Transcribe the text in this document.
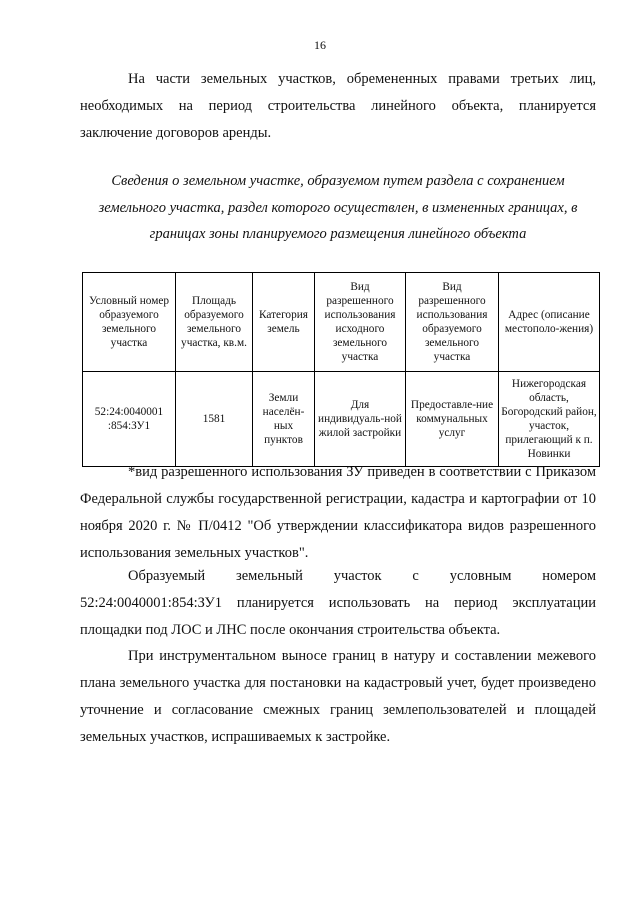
16

На части земельных участков, обремененных правами третьих лиц, необходимых на период строительства линейного объекта, планируется заключение договоров аренды.

Сведения о земельном участке, образуемом путем раздела с сохранением земельного участка, раздел которого осуществлен, в измененных границах, в границах зоны планируемого размещения линейного объекта

Условный номер образуемого земельного участка	Площадь образуемого земельного участка, кв.м.	Категория земель	Вид разрешенного использования исходного земельного участка	Вид разрешенного использования образуемого земельного участка	Адрес (описание местополо-жения)
52:24:0040001 :854:ЗУ1	1581	Земли населён-ных пунктов	Для индивидуаль-ной жилой застройки	Предоставле-ние коммунальных услуг	Нижегородская область, Богородский район, участок, прилегающий к п. Новинки

*вид разрешенного использования ЗУ приведен в соответствии с Приказом Федеральной службы государственной регистрации, кадастра и картографии от 10 ноября 2020 г. № П/0412 "Об утверждении классификатора видов разрешенного использования земельных участков".

Образуемый земельный участок с условным номером 52:24:0040001:854:ЗУ1 планируется использовать на период эксплуатации площадки под ЛОС и ЛНС после окончания строительства объекта.

При инструментальном выносе границ в натуру и составлении межевого плана земельного участка для постановки на кадастровый учет, будет произведено уточнение и согласование смежных границ землепользователей и площадей земельных участков, испрашиваемых к застройке.
